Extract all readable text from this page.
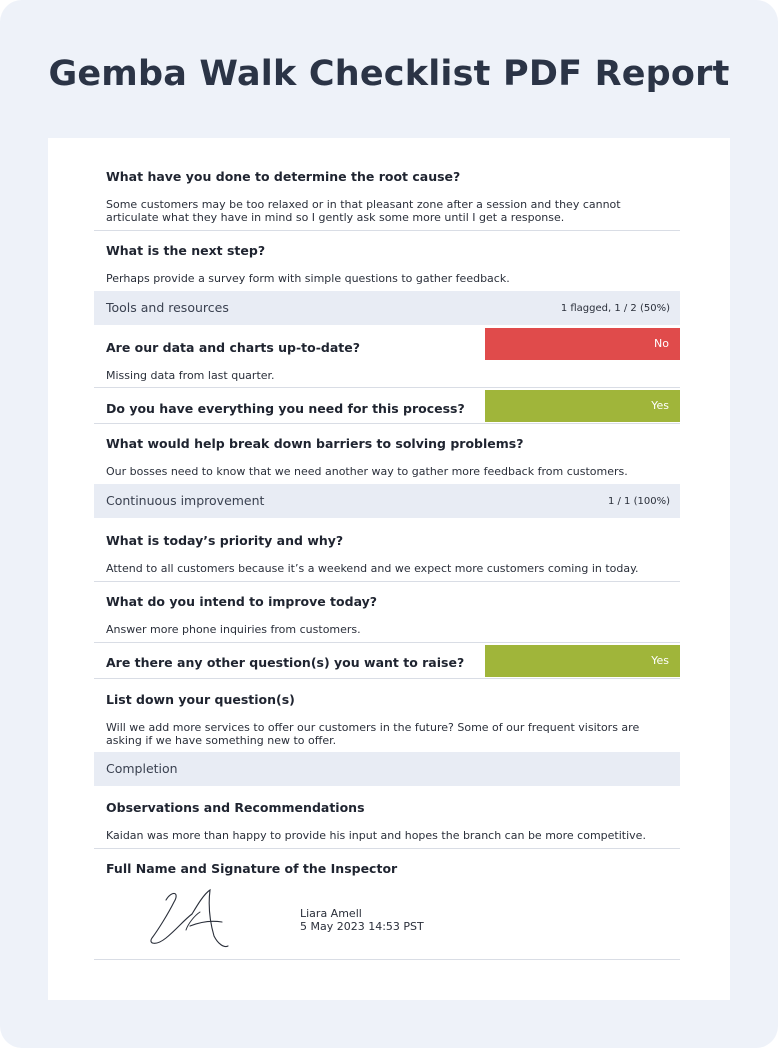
Gemba Walk Checklist PDF Report
What have you done to determine the root cause?
Some customers may be too relaxed or in that pleasant zone after a session and they cannot articulate what they have in mind so I gently ask some more until I get a response.
What is the next step?
Perhaps provide a survey form with simple questions to gather feedback.
Tools and resources	1 flagged, 1 / 2 (50%)
Are our data and charts up-to-date?	No
Missing data from last quarter.
Do you have everything you need for this process?	Yes
What would help break down barriers to solving problems?
Our bosses need to know that we need another way to gather more feedback from customers.
Continuous improvement	1 / 1 (100%)
What is today’s priority and why?
Attend to all customers because it’s a weekend and we expect more customers coming in today.
What do you intend to improve today?
Answer more phone inquiries from customers.
Are there any other question(s) you want to raise?	Yes
List down your question(s)
Will we add more services to offer our customers in the future? Some of our frequent visitors are asking if we have something new to offer.
Completion
Observations and Recommendations
Kaidan was more than happy to provide his input and hopes the branch can be more competitive.
Full Name and Signature of the Inspector
Liara Amell
5 May 2023 14:53 PST
